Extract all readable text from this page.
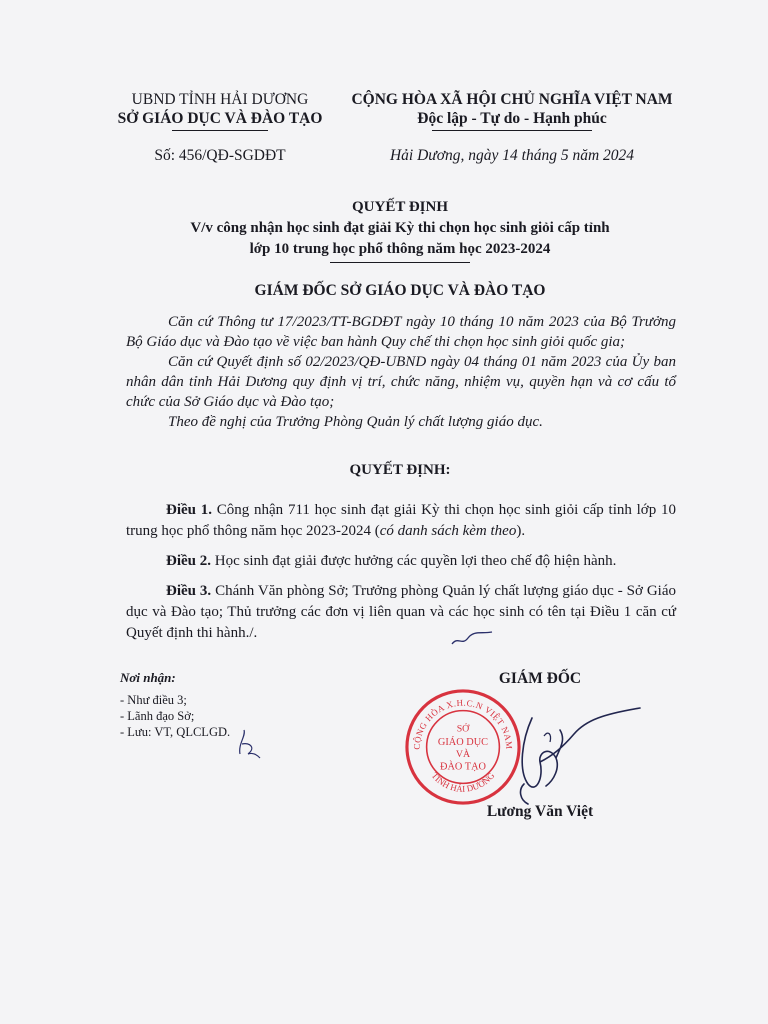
UBND TỈNH HẢI DƯƠNG
SỞ GIÁO DỤC VÀ ĐÀO TẠO
Số: 456/QĐ-SGDĐT
CỘNG HÒA XÃ HỘI CHỦ NGHĨA VIỆT NAM
Độc lập - Tự do - Hạnh phúc
Hải Dương, ngày 14 tháng 5 năm 2024
QUYẾT ĐỊNH
V/v công nhận học sinh đạt giải Kỳ thi chọn học sinh giỏi cấp tỉnh
lớp 10 trung học phổ thông năm học 2023-2024
GIÁM ĐỐC SỞ GIÁO DỤC VÀ ĐÀO TẠO
Căn cứ Thông tư 17/2023/TT-BGDĐT ngày 10 tháng 10 năm 2023 của Bộ Trưởng Bộ Giáo dục và Đào tạo về việc ban hành Quy chế thi chọn học sinh giỏi quốc gia;
Căn cứ Quyết định số 02/2023/QĐ-UBND ngày 04 tháng 01 năm 2023 của Ủy ban nhân dân tỉnh Hải Dương quy định vị trí, chức năng, nhiệm vụ, quyền hạn và cơ cấu tổ chức của Sở Giáo dục và Đào tạo;
Theo đề nghị của Trưởng Phòng Quản lý chất lượng giáo dục.
QUYẾT ĐỊNH:
Điều 1. Công nhận 711 học sinh đạt giải Kỳ thi chọn học sinh giỏi cấp tỉnh lớp 10 trung học phổ thông năm học 2023-2024 (có danh sách kèm theo).
Điều 2. Học sinh đạt giải được hưởng các quyền lợi theo chế độ hiện hành.
Điều 3. Chánh Văn phòng Sở; Trưởng phòng Quản lý chất lượng giáo dục - Sở Giáo dục và Đào tạo; Thủ trưởng các đơn vị liên quan và các học sinh có tên tại Điều 1 căn cứ Quyết định thi hành./.
Nơi nhận:
- Như điều 3;
- Lãnh đạo Sở;
- Lưu: VT, QLCLGD.
GIÁM ĐỐC
CỘNG HÒA X.H.C.N VIỆT NAM
TỈNH HẢI DƯƠNG
SỞ
GIÁO DỤC
VÀ
ĐÀO TẠO
Lương Văn Việt
